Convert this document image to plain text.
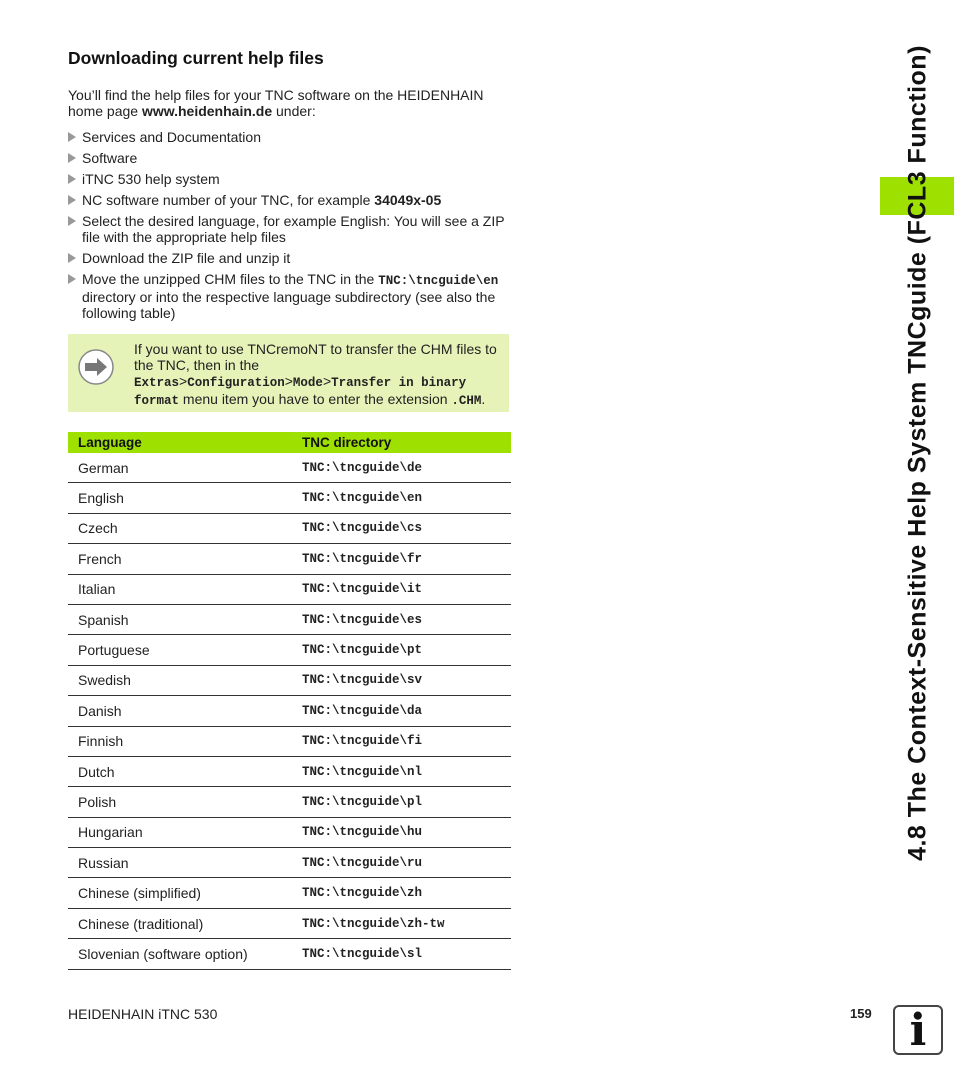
Downloading current help files

You’ll find the help files for your TNC software on the HEIDENHAIN home page www.heidenhain.de under:

Services and Documentation
Software
iTNC 530 help system
NC software number of your TNC, for example 34049x-05
Select the desired language, for example English: You will see a ZIP file with the appropriate help files
Download the ZIP file and unzip it
Move the unzipped CHM files to the TNC in the TNC:\tncguide\en directory or into the respective language subdirectory (see also the following table)
If you want to use TNCremoNT to transfer the CHM files to the TNC, then in the Extras>Configuration>Mode>Transfer in binary format menu item you have to enter the extension .CHM.
Language	TNC directory
German	TNC:\tncguide\de
English	TNC:\tncguide\en
Czech	TNC:\tncguide\cs
French	TNC:\tncguide\fr
Italian	TNC:\tncguide\it
Spanish	TNC:\tncguide\es
Portuguese	TNC:\tncguide\pt
Swedish	TNC:\tncguide\sv
Danish	TNC:\tncguide\da
Finnish	TNC:\tncguide\fi
Dutch	TNC:\tncguide\nl
Polish	TNC:\tncguide\pl
Hungarian	TNC:\tncguide\hu
Russian	TNC:\tncguide\ru
Chinese (simplified)	TNC:\tncguide\zh
Chinese (traditional)	TNC:\tncguide\zh-tw
Slovenian (software option)	TNC:\tncguide\sl
4.8 The Context-Sensitive Help System TNCguide (FCL3 Function)
HEIDENHAIN iTNC 530	159 i
